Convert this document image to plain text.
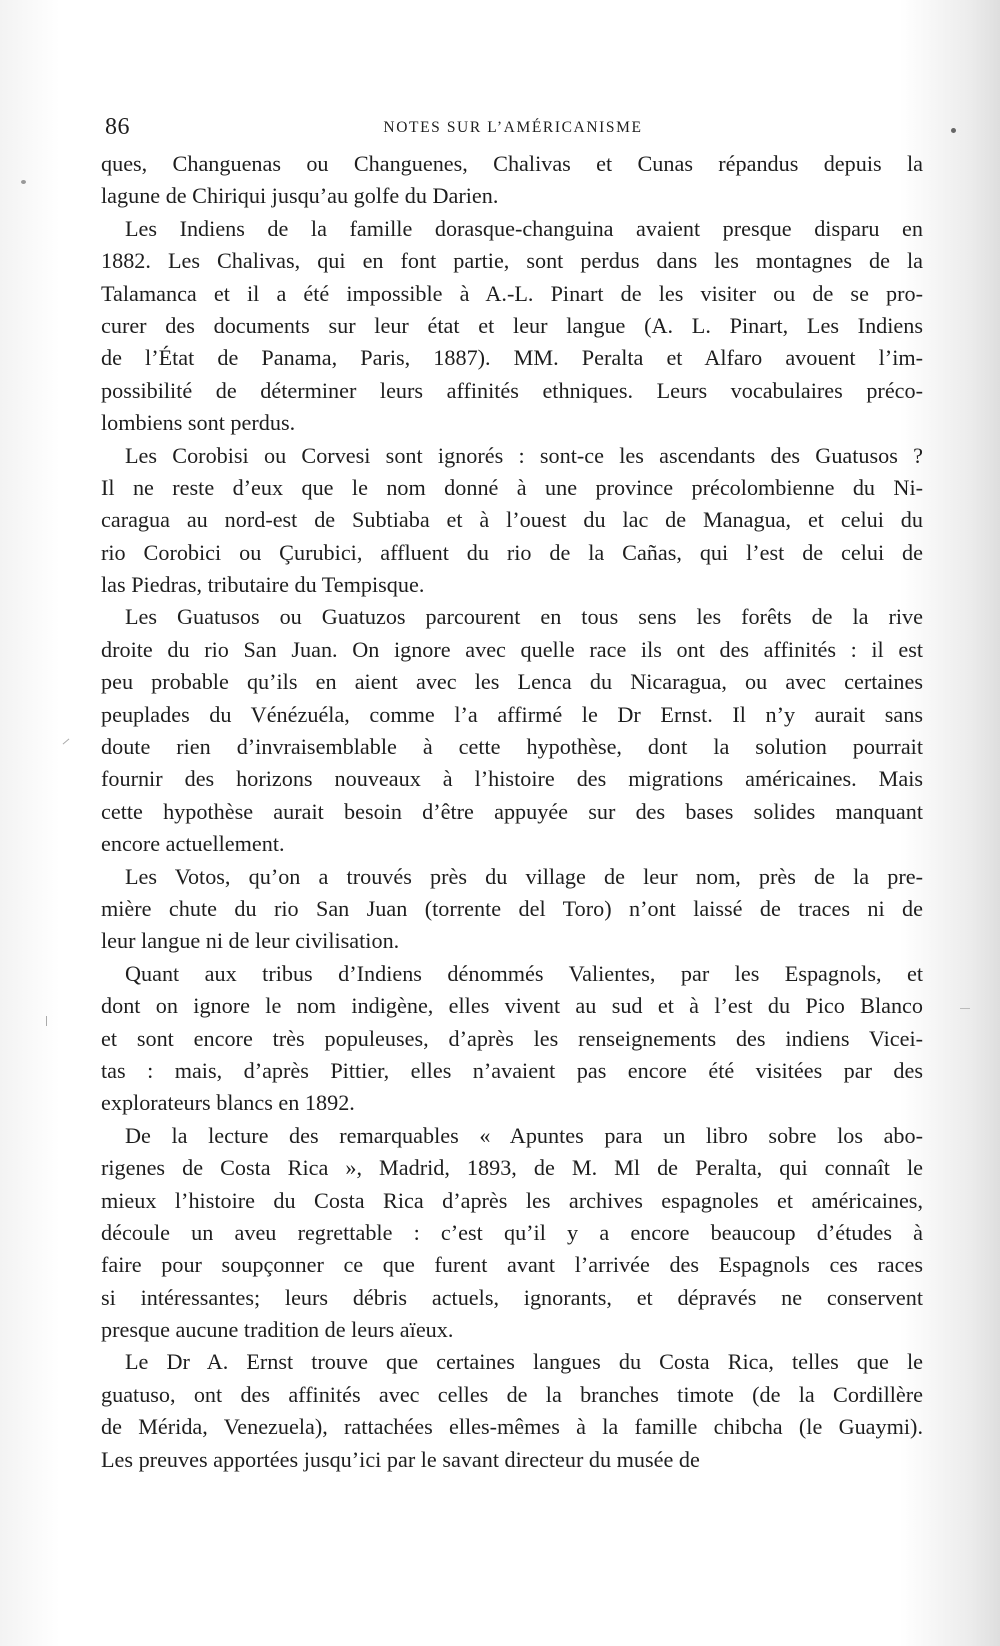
86	NOTES SUR L’AMÉRICANISME
ques, Changuenas ou Changuenes, Chalivas et Cunas répandus depuis la
lagune de Chiriqui jusqu’au golfe du Darien.
Les Indiens de la famille dorasque-changuina avaient presque disparu en
1882. Les Chalivas, qui en font partie, sont perdus dans les montagnes de la
Talamanca et il a été impossible à A.-L. Pinart de les visiter ou de se pro-
curer des documents sur leur état et leur langue (A. L. Pinart, Les Indiens
de l’État de Panama, Paris, 1887). MM. Peralta et Alfaro avouent l’im-
possibilité de déterminer leurs affinités ethniques. Leurs vocabulaires préco-
lombiens sont perdus.
Les Corobisi ou Corvesi sont ignorés : sont-ce les ascendants des Guatusos ?
Il ne reste d’eux que le nom donné à une province précolombienne du Ni-
caragua au nord-est de Subtiaba et à l’ouest du lac de Managua, et celui du
rio Corobici ou Çurubici, affluent du rio de la Cañas, qui l’est de celui de
las Piedras, tributaire du Tempisque.
Les Guatusos ou Guatuzos parcourent en tous sens les forêts de la rive
droite du rio San Juan. On ignore avec quelle race ils ont des affinités : il est
peu probable qu’ils en aient avec les Lenca du Nicaragua, ou avec certaines
peuplades du Vénézuéla, comme l’a affirmé le Dr Ernst. Il n’y aurait sans
doute rien d’invraisemblable à cette hypothèse, dont la solution pourrait
fournir des horizons nouveaux à l’histoire des migrations américaines. Mais
cette hypothèse aurait besoin d’être appuyée sur des bases solides manquant
encore actuellement.
Les Votos, qu’on a trouvés près du village de leur nom, près de la pre-
mière chute du rio San Juan (torrente del Toro) n’ont laissé de traces ni de
leur langue ni de leur civilisation.
Quant aux tribus d’Indiens dénommés Valientes, par les Espagnols, et
dont on ignore le nom indigène, elles vivent au sud et à l’est du Pico Blanco
et sont encore très populeuses, d’après les renseignements des indiens Vicei-
tas : mais, d’après Pittier, elles n’avaient pas encore été visitées par des
explorateurs blancs en 1892.
De la lecture des remarquables « Apuntes para un libro sobre los abo-
rigenes de Costa Rica », Madrid, 1893, de M. Ml de Peralta, qui connaît le
mieux l’histoire du Costa Rica d’après les archives espagnoles et américaines,
découle un aveu regrettable : c’est qu’il y a encore beaucoup d’études à
faire pour soupçonner ce que furent avant l’arrivée des Espagnols ces races
si intéressantes; leurs débris actuels, ignorants, et dépravés ne conservent
presque aucune tradition de leurs aïeux.
Le Dr A. Ernst trouve que certaines langues du Costa Rica, telles que le
guatuso, ont des affinités avec celles de la branches timote (de la Cordillère
de Mérida, Venezuela), rattachées elles-mêmes à la famille chibcha (le Guaymi).
Les preuves apportées jusqu’ici par le savant directeur du musée de
